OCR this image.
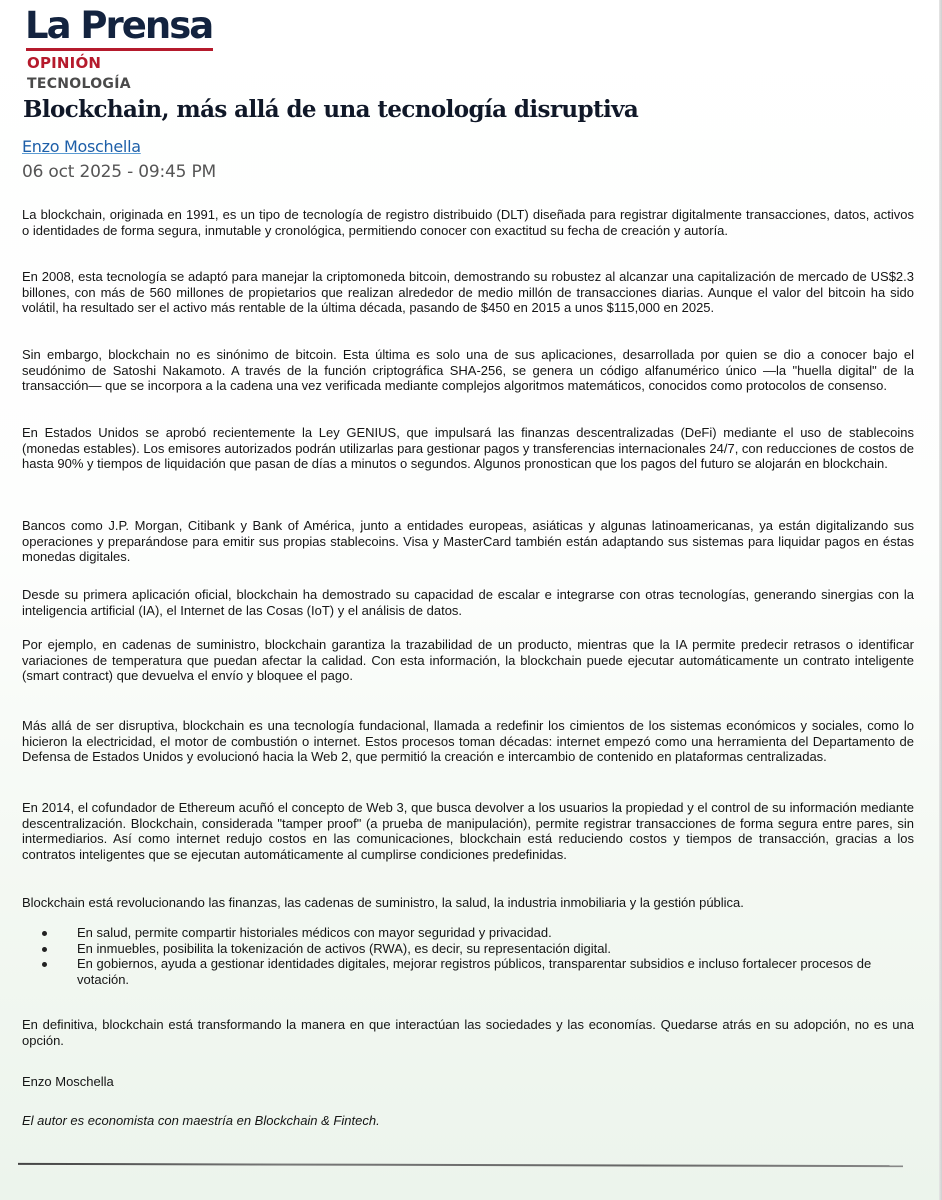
La Prensa
OPINIÓN
TECNOLOGÍA
Blockchain, más allá de una tecnología disruptiva
Enzo Moschella
06 oct 2025 - 09:45 PM

La blockchain, originada en 1991, es un tipo de tecnología de registro distribuido (DLT) diseñada para registrar digitalmente transacciones, datos, activos o identidades de forma segura, inmutable y cronológica, permitiendo conocer con exactitud su fecha de creación y autoría.

En 2008, esta tecnología se adaptó para manejar la criptomoneda bitcoin, demostrando su robustez al alcanzar una capitalización de mercado de US$2.3 billones, con más de 560 millones de propietarios que realizan alrededor de medio millón de transacciones diarias. Aunque el valor del bitcoin ha sido volátil, ha resultado ser el activo más rentable de la última década, pasando de $450 en 2015 a unos $115,000 en 2025.

Sin embargo, blockchain no es sinónimo de bitcoin. Esta última es solo una de sus aplicaciones, desarrollada por quien se dio a conocer bajo el seudónimo de Satoshi Nakamoto. A través de la función criptográfica SHA-256, se genera un código alfanumérico único —la "huella digital" de la transacción— que se incorpora a la cadena una vez verificada mediante complejos algoritmos matemáticos, conocidos como protocolos de consenso.

En Estados Unidos se aprobó recientemente la Ley GENIUS, que impulsará las finanzas descentralizadas (DeFi) mediante el uso de stablecoins (monedas estables). Los emisores autorizados podrán utilizarlas para gestionar pagos y transferencias internacionales 24/7, con reducciones de costos de hasta 90% y tiempos de liquidación que pasan de días a minutos o segundos. Algunos pronostican que los pagos del futuro se alojarán en blockchain.

Bancos como J.P. Morgan, Citibank y Bank of América, junto a entidades europeas, asiáticas y algunas latinoamericanas, ya están digitalizando sus operaciones y preparándose para emitir sus propias stablecoins. Visa y MasterCard también están adaptando sus sistemas para liquidar pagos en éstas monedas digitales.

Desde su primera aplicación oficial, blockchain ha demostrado su capacidad de escalar e integrarse con otras tecnologías, generando sinergias con la inteligencia artificial (IA), el Internet de las Cosas (IoT) y el análisis de datos.

Por ejemplo, en cadenas de suministro, blockchain garantiza la trazabilidad de un producto, mientras que la IA permite predecir retrasos o identificar variaciones de temperatura que puedan afectar la calidad. Con esta información, la blockchain puede ejecutar automáticamente un contrato inteligente (smart contract) que devuelva el envío y bloquee el pago.

Más allá de ser disruptiva, blockchain es una tecnología fundacional, llamada a redefinir los cimientos de los sistemas económicos y sociales, como lo hicieron la electricidad, el motor de combustión o internet. Estos procesos toman décadas: internet empezó como una herramienta del Departamento de Defensa de Estados Unidos y evolucionó hacia la Web 2, que permitió la creación e intercambio de contenido en plataformas centralizadas.

En 2014, el cofundador de Ethereum acuñó el concepto de Web 3, que busca devolver a los usuarios la propiedad y el control de su información mediante descentralización. Blockchain, considerada "tamper proof" (a prueba de manipulación), permite registrar transacciones de forma segura entre pares, sin intermediarios. Así como internet redujo costos en las comunicaciones, blockchain está reduciendo costos y tiempos de transacción, gracias a los contratos inteligentes que se ejecutan automáticamente al cumplirse condiciones predefinidas.

Blockchain está revolucionando las finanzas, las cadenas de suministro, la salud, la industria inmobiliaria y la gestión pública.

En salud, permite compartir historiales médicos con mayor seguridad y privacidad.
En inmuebles, posibilita la tokenización de activos (RWA), es decir, su representación digital.
En gobiernos, ayuda a gestionar identidades digitales, mejorar registros públicos, transparentar subsidios e incluso fortalecer procesos de votación.

En definitiva, blockchain está transformando la manera en que interactúan las sociedades y las economías. Quedarse atrás en su adopción, no es una opción.

Enzo Moschella
El autor es economista con maestría en Blockchain & Fintech.
